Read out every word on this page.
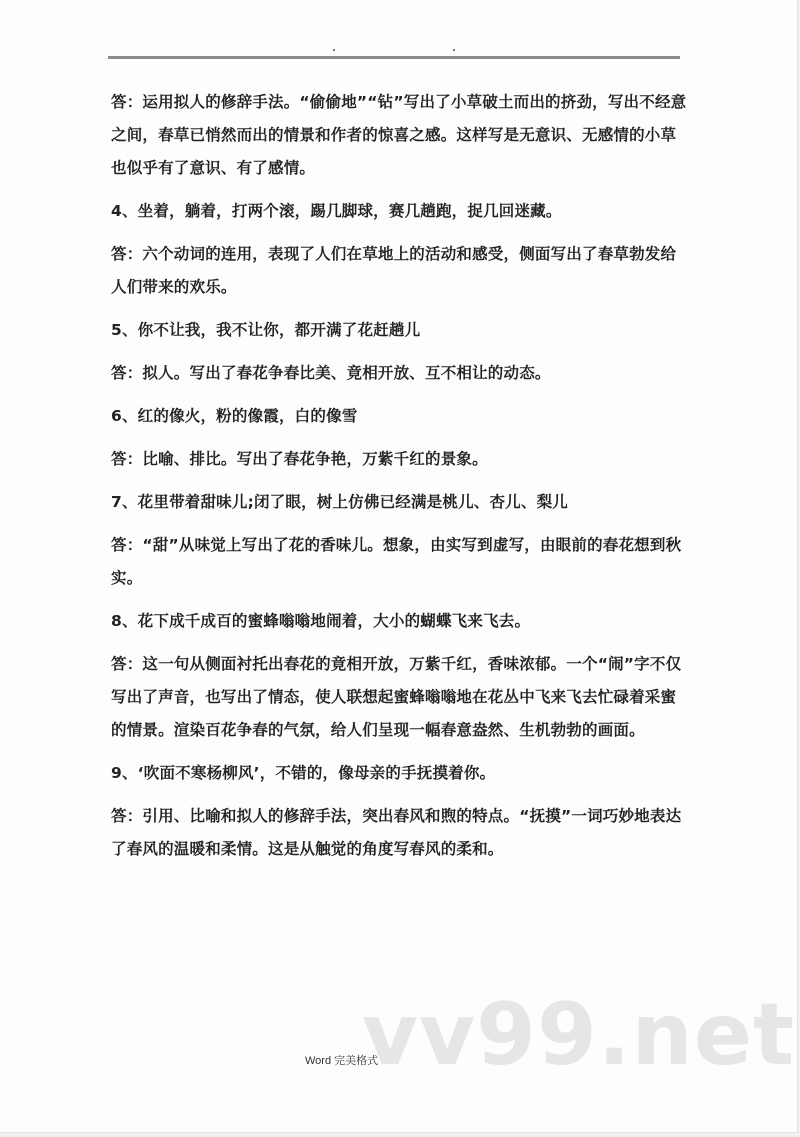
答：运用拟人的修辞手法。“偷偷地”“钻”写出了小草破土而出的挤劲，写出不经意之间，春草已悄然而出的情景和作者的惊喜之感。这样写是无意识、无感情的小草也似乎有了意识、有了感情。

4、坐着，躺着，打两个滚，踢几脚球，赛几趟跑，捉几回迷藏。

答：六个动词的连用，表现了人们在草地上的活动和感受，侧面写出了春草勃发给人们带来的欢乐。

5、你不让我，我不让你，都开满了花赶趟儿

答：拟人。写出了春花争春比美、竟相开放、互不相让的动态。

6、红的像火，粉的像霞，白的像雪

答：比喻、排比。写出了春花争艳，万紫千红的景象。

7、花里带着甜味儿;闭了眼，树上仿佛已经满是桃儿、杏儿、梨儿

答：“甜”从味觉上写出了花的香味儿。想象，由实写到虚写，由眼前的春花想到秋实。

8、花下成千成百的蜜蜂嗡嗡地闹着，大小的蝴蝶飞来飞去。

答：这一句从侧面衬托出春花的竟相开放，万紫千红，香味浓郁。一个“闹”字不仅写出了声音，也写出了情态，使人联想起蜜蜂嗡嗡地在花丛中飞来飞去忙碌着采蜜的情景。渲染百花争春的气氛，给人们呈现一幅春意盎然、生机勃勃的画面。

9、‘吹面不寒杨柳风’，不错的，像母亲的手抚摸着你。

答：引用、比喻和拟人的修辞手法，突出春风和煦的特点。“抚摸”一词巧妙地表达了春风的温暖和柔情。这是从触觉的角度写春风的柔和。

vv99.net
Word 完美格式
